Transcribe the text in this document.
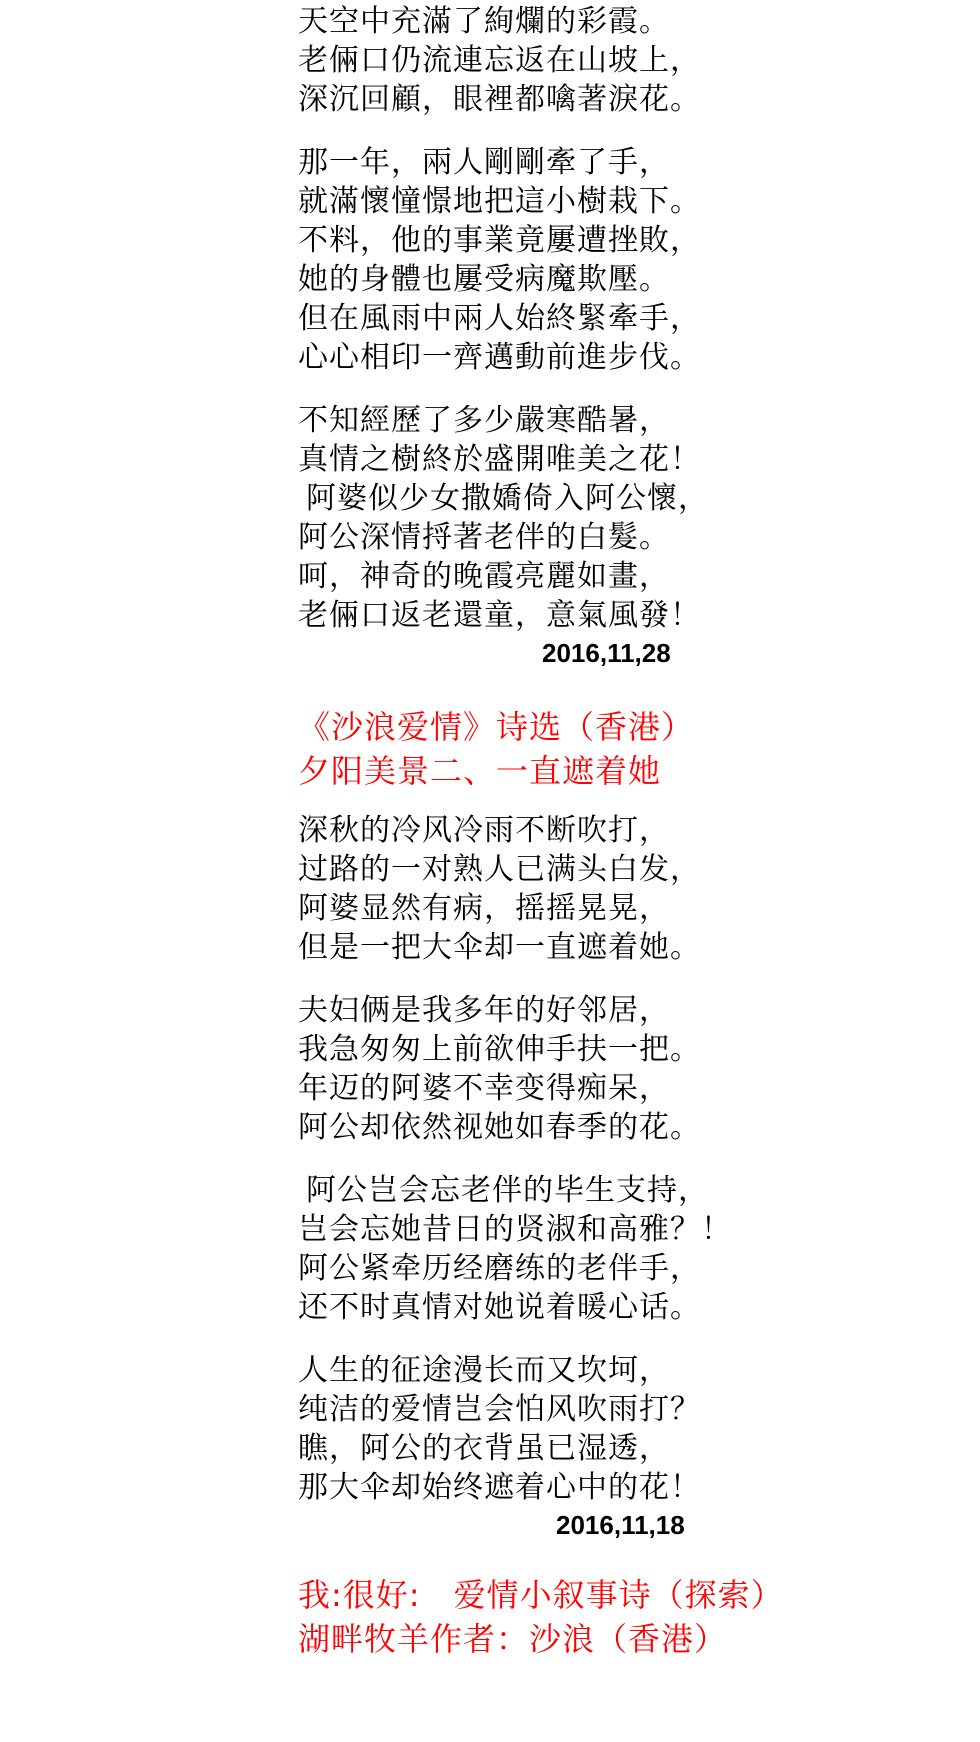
天空中充滿了絢爛的彩霞。
老倆口仍流連忘返在山坡上，
深沉回顧，眼裡都噙著淚花。
那一年，兩人剛剛牽了手，
就滿懷憧憬地把這小樹栽下。
不料，他的事業竟屢遭挫敗，
她的身體也屢受病魔欺壓。
但在風雨中兩人始終緊牽手，
心心相印一齊邁動前進步伐。
不知經歷了多少嚴寒酷暑，
真情之樹終於盛開唯美之花！
阿婆似少女撒嬌倚入阿公懷，
阿公深情捋著老伴的白髮。
呵，神奇的晚霞亮麗如畫，
老倆口返老還童，意氣風發！
2016,11,28
《沙浪爱情》诗选（香港）
夕阳美景二、一直遮着她
深秋的冷风冷雨不断吹打，
过路的一对熟人已满头白发，
阿婆显然有病，摇摇晃晃，
但是一把大伞却一直遮着她。
夫妇俩是我多年的好邻居，
我急匆匆上前欲伸手扶一把。
年迈的阿婆不幸变得痴呆，
阿公却依然视她如春季的花。
阿公岂会忘老伴的毕生支持，
岂会忘她昔日的贤淑和高雅？！
阿公紧牵历经磨练的老伴手，
还不时真情对她说着暖心话。
人生的征途漫长而又坎坷，
纯洁的爱情岂会怕风吹雨打？
瞧，阿公的衣背虽已湿透，
那大伞却始终遮着心中的花！
2016,11,18
我:很好:　爱情小叙事诗（探索）
湖畔牧羊作者：沙浪（香港）
